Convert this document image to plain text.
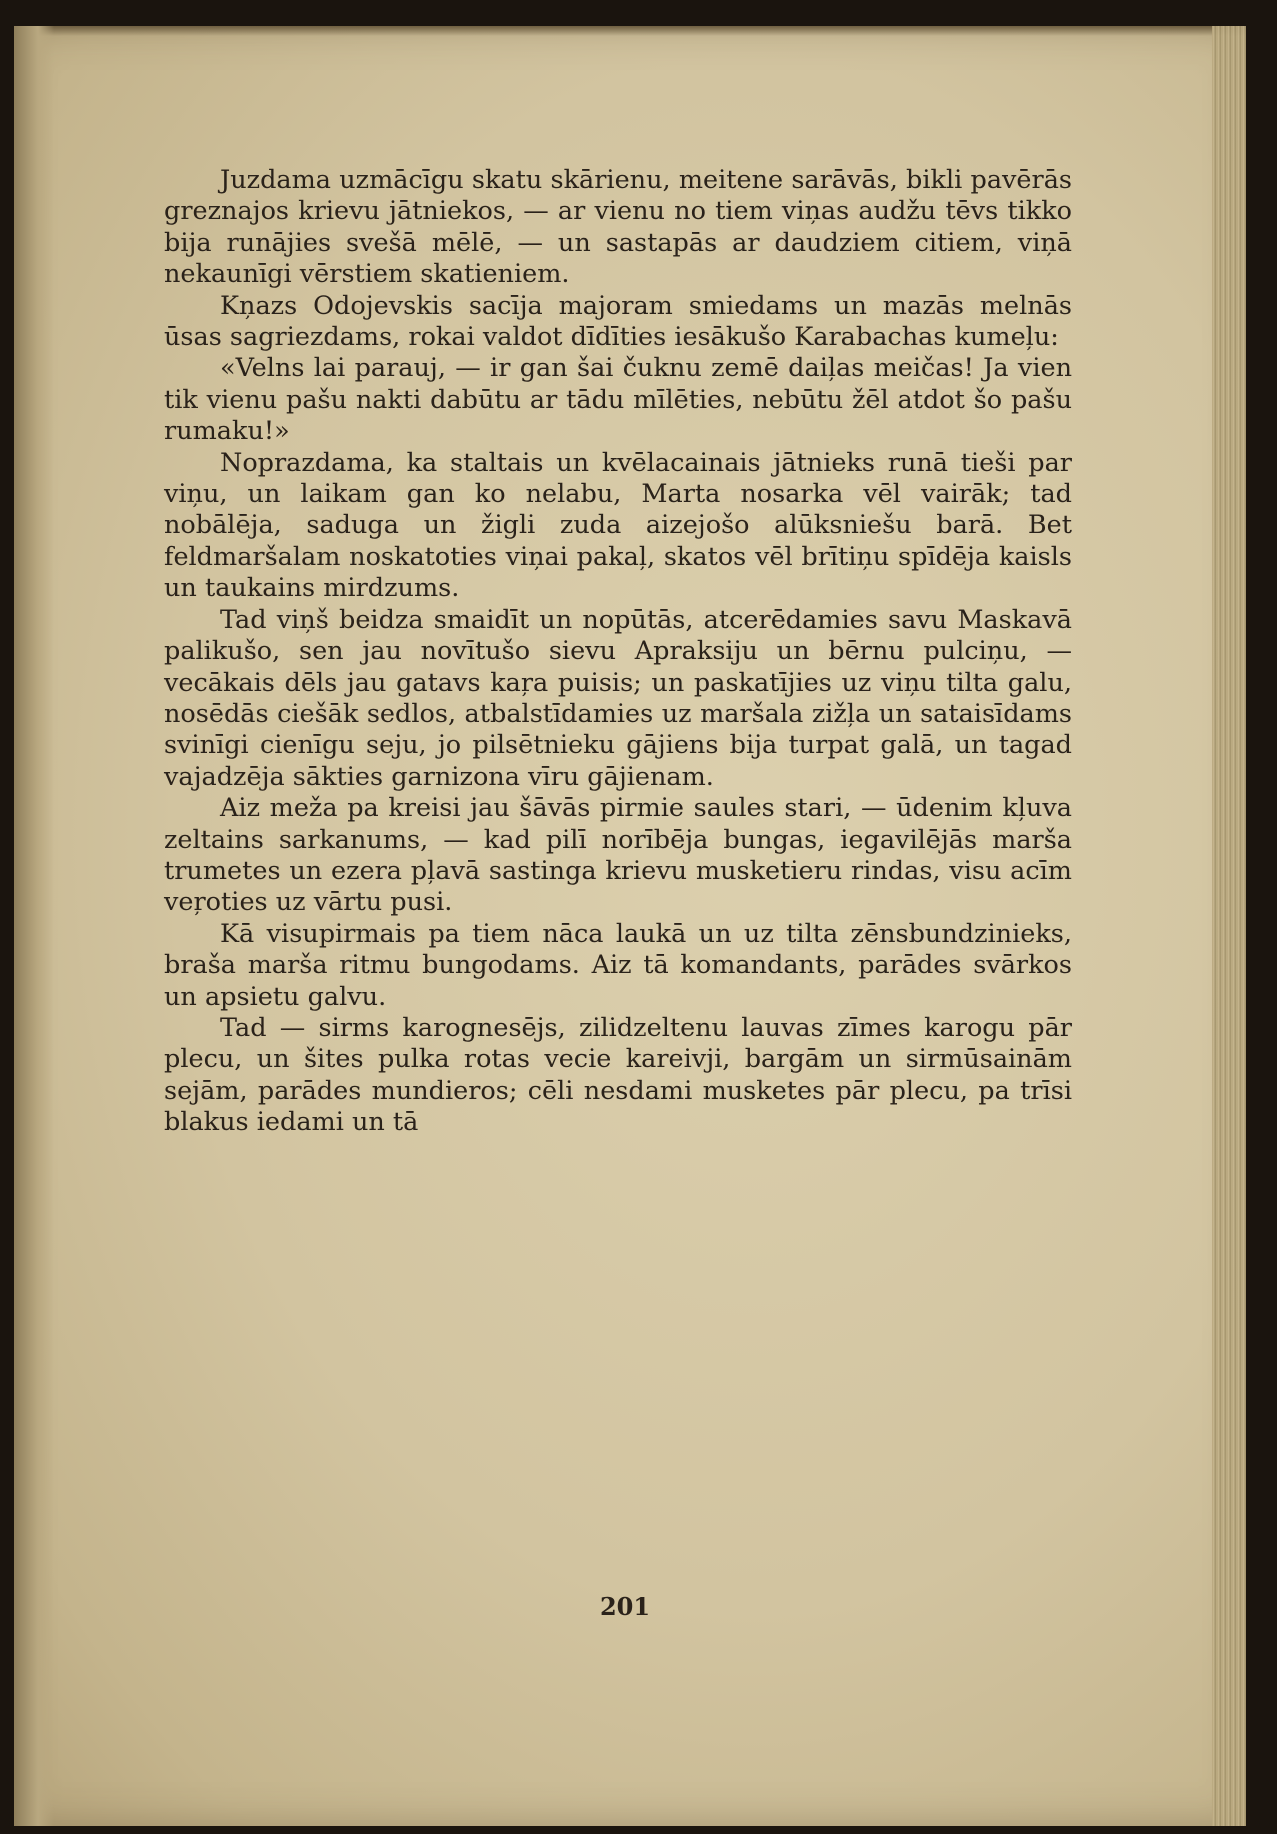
Juzdama uzmācīgu skatu skārienu, meitene sarāvās, bikli pavērās greznajos krievu jātniekos, — ar vienu no tiem viņas audžu tēvs tikko bija runājies svešā mēlē, — un sastapās ar daudziem citiem, viņā nekaunīgi vērstiem skatieniem.

Kņazs Odojevskis sacīja majoram smiedams un mazās melnās ūsas sagriezdams, rokai valdot dīdīties iesākušo Karabachas kumeļu:

«Velns lai parauj, — ir gan šai čuknu zemē daiļas meičas! Ja vien tik vienu pašu nakti dabūtu ar tādu mīlēties, nebūtu žēl atdot šo pašu rumaku!»

Noprazdama, ka staltais un kvēlacainais jātnieks runā tieši par viņu, un laikam gan ko nelabu, Marta nosarka vēl vairāk; tad nobālēja, saduga un žigli zuda aizejošo alūksniešu barā. Bet feldmaršalam noskatoties viņai pakaļ, skatos vēl brītiņu spīdēja kaisls un taukains mirdzums.

Tad viņš beidza smaidīt un nopūtās, atcerēdamies savu Maskavā palikušo, sen jau novītušo sievu Apraksiju un bērnu pulciņu, — vecākais dēls jau gatavs kaŗa puisis; un paskatījies uz viņu tilta galu, nosēdās ciešāk sedlos, atbalstīdamies uz maršala zižļa un sataisīdams svinīgi cienīgu seju, jo pilsētnieku gājiens bija turpat galā, un tagad vajadzēja sākties garnizona vīru gājienam.

Aiz meža pa kreisi jau šāvās pirmie saules stari, — ūdenim kļuva zeltains sarkanums, — kad pilī norībēja bungas, iegavilējās marša trumetes un ezera pļavā sastinga krievu musketieru rindas, visu acīm veŗoties uz vārtu pusi.

Kā visupirmais pa tiem nāca laukā un uz tilta zēnsbundzinieks, braša marša ritmu bungodams. Aiz tā komandants, parādes svārkos un apsietu galvu.

Tad — sirms karognesējs, zilidzeltenu lauvas zīmes karogu pār plecu, un šites pulka rotas vecie kareivji, bargām un sirmūsainām sejām, parādes mundieros; cēli nesdami musketes pār plecu, pa trīsi blakus iedami un tā

201
